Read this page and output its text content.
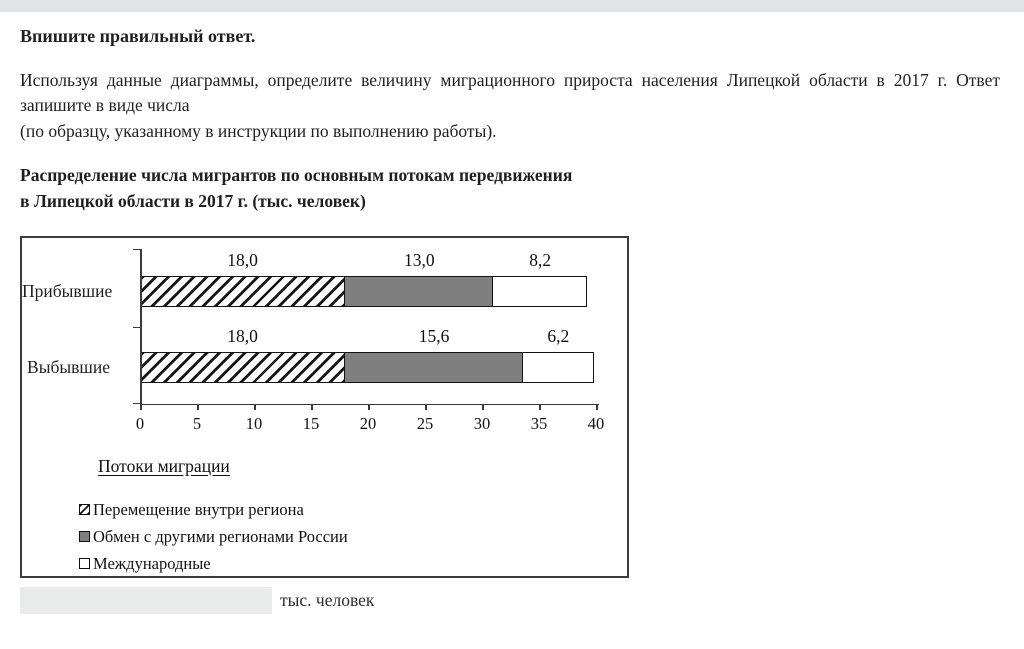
Впишите правильный ответ.

Используя данные диаграммы, определите величину миграционного прироста населения Липецкой области в 2017 г. Ответ запишите в виде числа
(по образцу, указанному в инструкции по выполнению работы).

Распределение числа мигрантов по основным потокам передвижения
в Липецкой области в 2017 г. (тыс. человек)
Прибывшие
18,0	13,0	8,2
Выбывшие
18,0	15,6	6,2
0	5	10	15	20	25	30	35	40
Потоки миграции
Перемещение внутри региона
Обмен с другими регионами России
Международные
тыс. человек
